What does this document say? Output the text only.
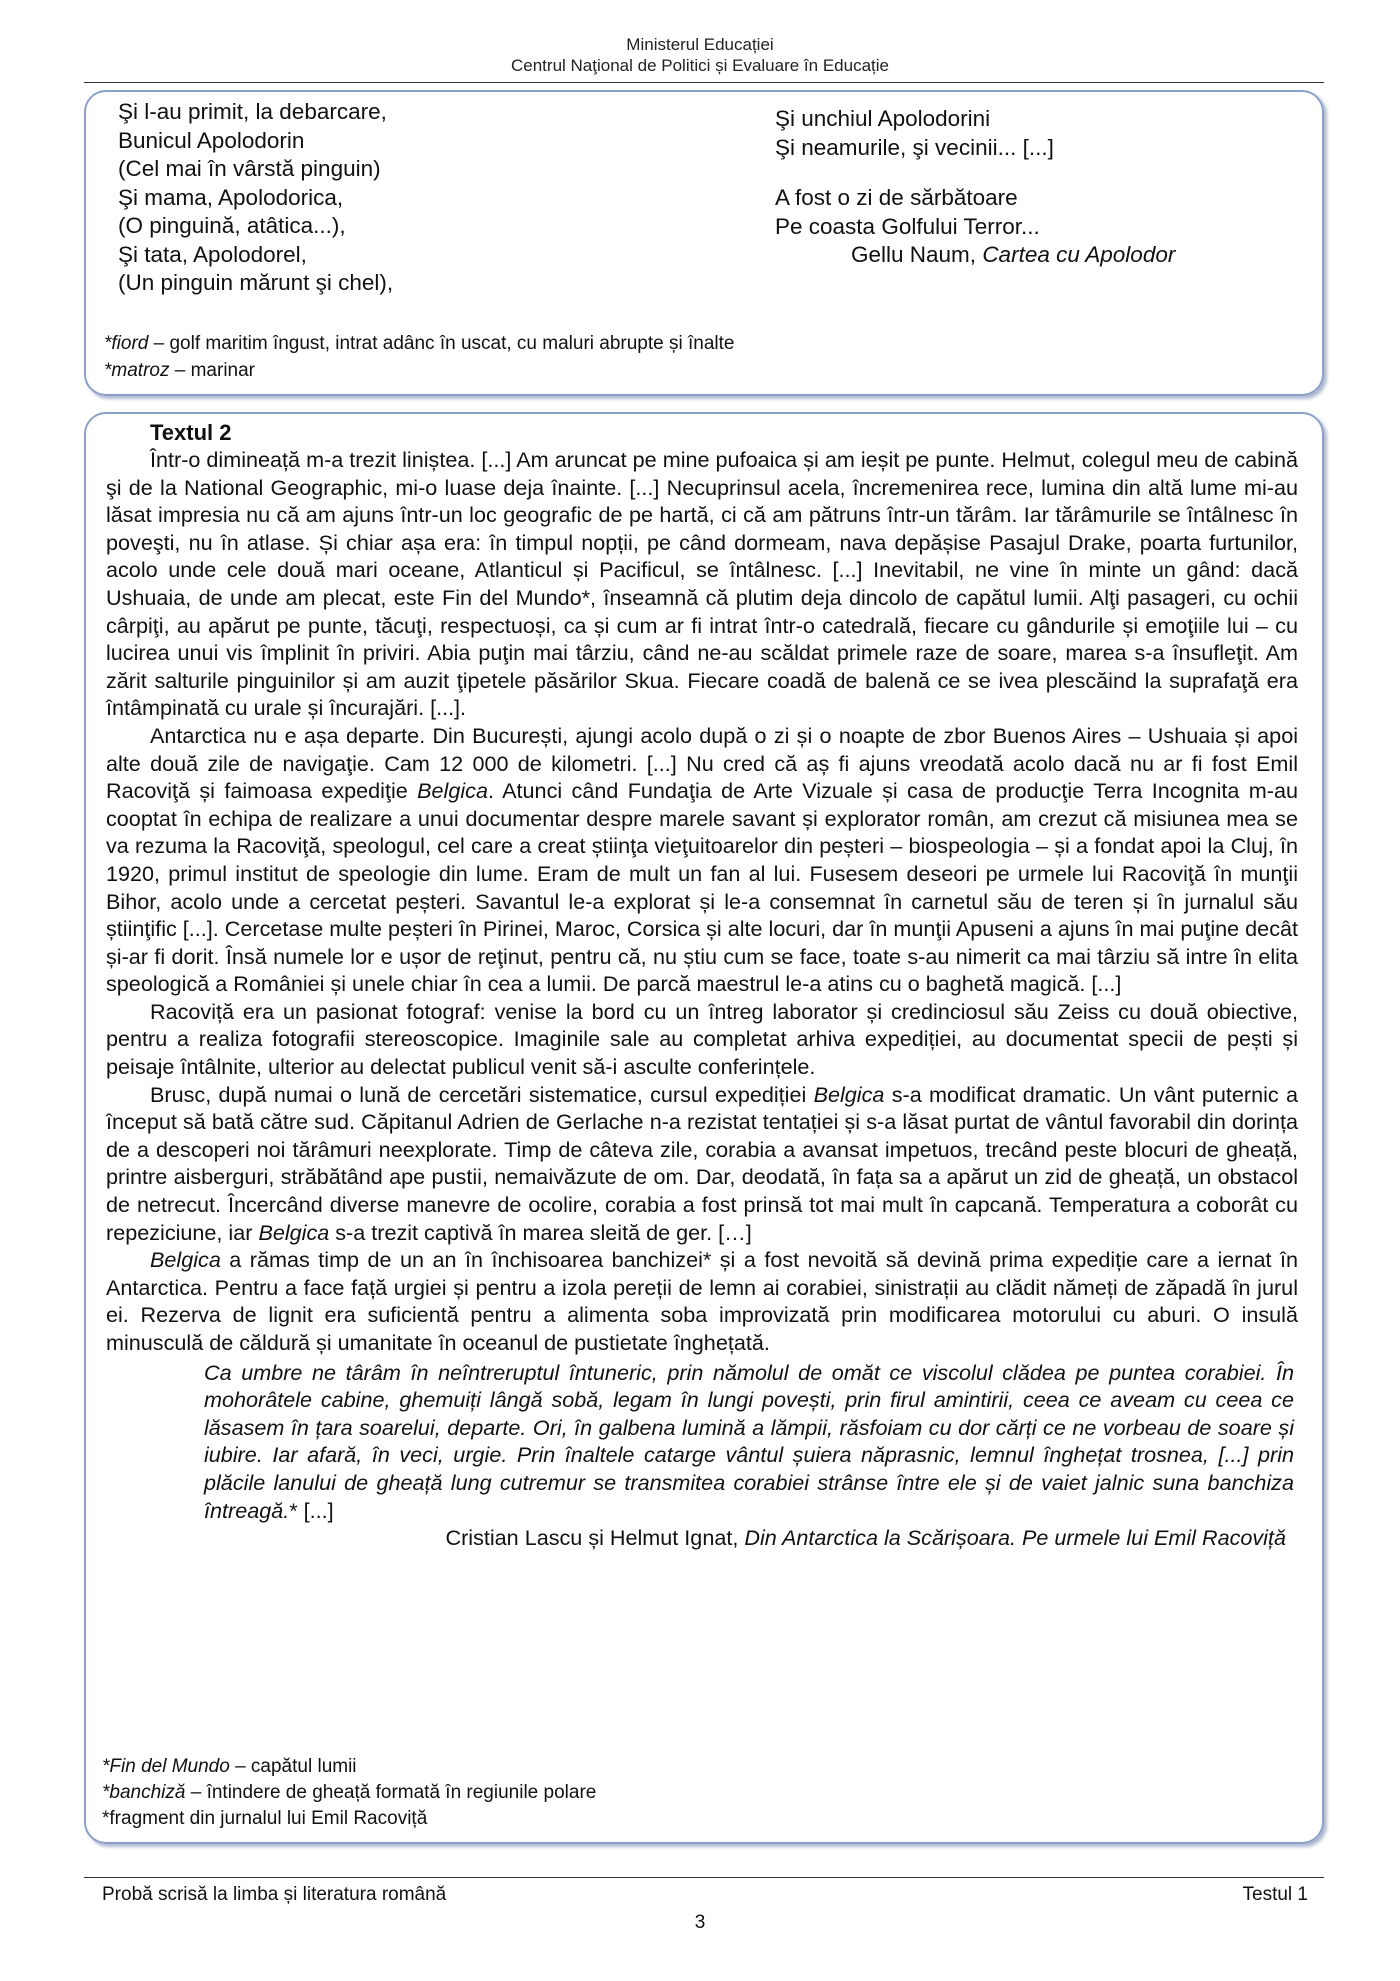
Ministerul Educației
Centrul Naţional de Politici și Evaluare în Educație
Şi l-au primit, la debarcare,
Bunicul Apolodorin
(Cel mai în vârstă pinguin)
Şi mama, Apolodorica,
(O pinguină, atâtica...),
Şi tata, Apolodorel,
(Un pinguin mărunt şi chel),
Şi unchiul Apolodorini
Şi neamurile, şi vecinii... [...]
A fost o zi de sărbătoare
Pe coasta Golfului Terror...
Gellu Naum, Cartea cu Apolodor
*fiord – golf maritim îngust, intrat adânc în uscat, cu maluri abrupte și înalte
*matroz – marinar
Textul 2

Într-o dimineață m-a trezit liniștea. [...] Am aruncat pe mine pufoaica și am ieșit pe punte. Helmut, colegul meu de cabină şi de la National Geographic, mi-o luase deja înainte. [...] Necuprinsul acela, încremenirea rece, lumina din altă lume mi-au lăsat impresia nu că am ajuns într-un loc geografic de pe hartă, ci că am pătruns într-un tărâm. Iar tărâmurile se întâlnesc în poveşti, nu în atlase. Și chiar așa era: în timpul nopții, pe când dormeam, nava depășise Pasajul Drake, poarta furtunilor, acolo unde cele două mari oceane, Atlanticul și Pacificul, se întâlnesc. [...] Inevitabil, ne vine în minte un gând: dacă Ushuaia, de unde am plecat, este Fin del Mundo*, înseamnă că plutim deja dincolo de capătul lumii. Alţi pasageri, cu ochii cârpiţi, au apărut pe punte, tăcuţi, respectuoși, ca și cum ar fi intrat într-o catedrală, fiecare cu gândurile și emoţiile lui – cu lucirea unui vis împlinit în priviri. Abia puţin mai târziu, când ne-au scăldat primele raze de soare, marea s-a însufleţit. Am zărit salturile pinguinilor și am auzit ţipetele păsărilor Skua. Fiecare coadă de balenă ce se ivea plescăind la suprafaţă era întâmpinată cu urale și încurajări. [...].

Antarctica nu e așa departe. Din București, ajungi acolo după o zi și o noapte de zbor Buenos Aires – Ushuaia și apoi alte două zile de navigaţie. Cam 12 000 de kilometri. [...] Nu cred că aș fi ajuns vreodată acolo dacă nu ar fi fost Emil Racoviţă și faimoasa expediţie Belgica. Atunci când Fundaţia de Arte Vizuale și casa de producţie Terra Incognita m-au cooptat în echipa de realizare a unui documentar despre marele savant și explorator român, am crezut că misiunea mea se va rezuma la Racoviţă, speologul, cel care a creat știinţa vieţuitoarelor din peșteri – biospeologia – și a fondat apoi la Cluj, în 1920, primul institut de speologie din lume. Eram de mult un fan al lui. Fusesem deseori pe urmele lui Racoviţă în munţii Bihor, acolo unde a cercetat peșteri. Savantul le-a explorat și le-a consemnat în carnetul său de teren și în jurnalul său știinţific [...]. Cercetase multe peșteri în Pirinei, Maroc, Corsica și alte locuri, dar în munţii Apuseni a ajuns în mai puţine decât și-ar fi dorit. Însă numele lor e ușor de reţinut, pentru că, nu știu cum se face, toate s-au nimerit ca mai târziu să intre în elita speologică a României și unele chiar în cea a lumii. De parcă maestrul le-a atins cu o baghetă magică. [...]

Racoviță era un pasionat fotograf: venise la bord cu un întreg laborator și credinciosul său Zeiss cu două obiective, pentru a realiza fotografii stereoscopice. Imaginile sale au completat arhiva expediției, au documentat specii de pești și peisaje întâlnite, ulterior au delectat publicul venit să-i asculte conferințele.

Brusc, după numai o lună de cercetări sistematice, cursul expediției Belgica s-a modificat dramatic. Un vânt puternic a început să bată către sud. Căpitanul Adrien de Gerlache n-a rezistat tentației și s-a lăsat purtat de vântul favorabil din dorința de a descoperi noi tărâmuri neexplorate. Timp de câteva zile, corabia a avansat impetuos, trecând peste blocuri de gheață, printre aisberguri, străbătând ape pustii, nemaivăzute de om. Dar, deodată, în fața sa a apărut un zid de gheață, un obstacol de netrecut. Încercând diverse manevre de ocolire, corabia a fost prinsă tot mai mult în capcană. Temperatura a coborât cu repeziciune, iar Belgica s-a trezit captivă în marea sleită de ger. […]

Belgica a rămas timp de un an în închisoarea banchizei* și a fost nevoită să devină prima expediție care a iernat în Antarctica. Pentru a face față urgiei și pentru a izola pereții de lemn ai corabiei, sinistrații au clădit nămeți de zăpadă în jurul ei. Rezerva de lignit era suficientă pentru a alimenta soba improvizată prin modificarea motorului cu aburi. O insulă minusculă de căldură și umanitate în oceanul de pustietate înghețată.

Ca umbre ne târâm în neîntreruptul întuneric, prin nămolul de omăt ce viscolul clădea pe puntea corabiei. În mohorâtele cabine, ghemuiți lângă sobă, legam în lungi povești, prin firul amintirii, ceea ce aveam cu ceea ce lăsasem în țara soarelui, departe. Ori, în galbena lumină a lămpii, răsfoiam cu dor cărți ce ne vorbeau de soare și iubire. Iar afară, în veci, urgie. Prin înaltele catarge vântul șuiera năprasnic, lemnul înghețat trosnea, [...] prin plăcile lanului de gheață lung cutremur se transmitea corabiei strânse între ele și de vaiet jalnic suna banchiza întreagă.* [...]
Cristian Lascu și Helmut Ignat, Din Antarctica la Scărișoara. Pe urmele lui Emil Racoviță
*Fin del Mundo – capătul lumii
*banchiză – întindere de gheață formată în regiunile polare
*fragment din jurnalul lui Emil Racoviță
Probă scrisă la limba și literatura română	Testul 1
3
